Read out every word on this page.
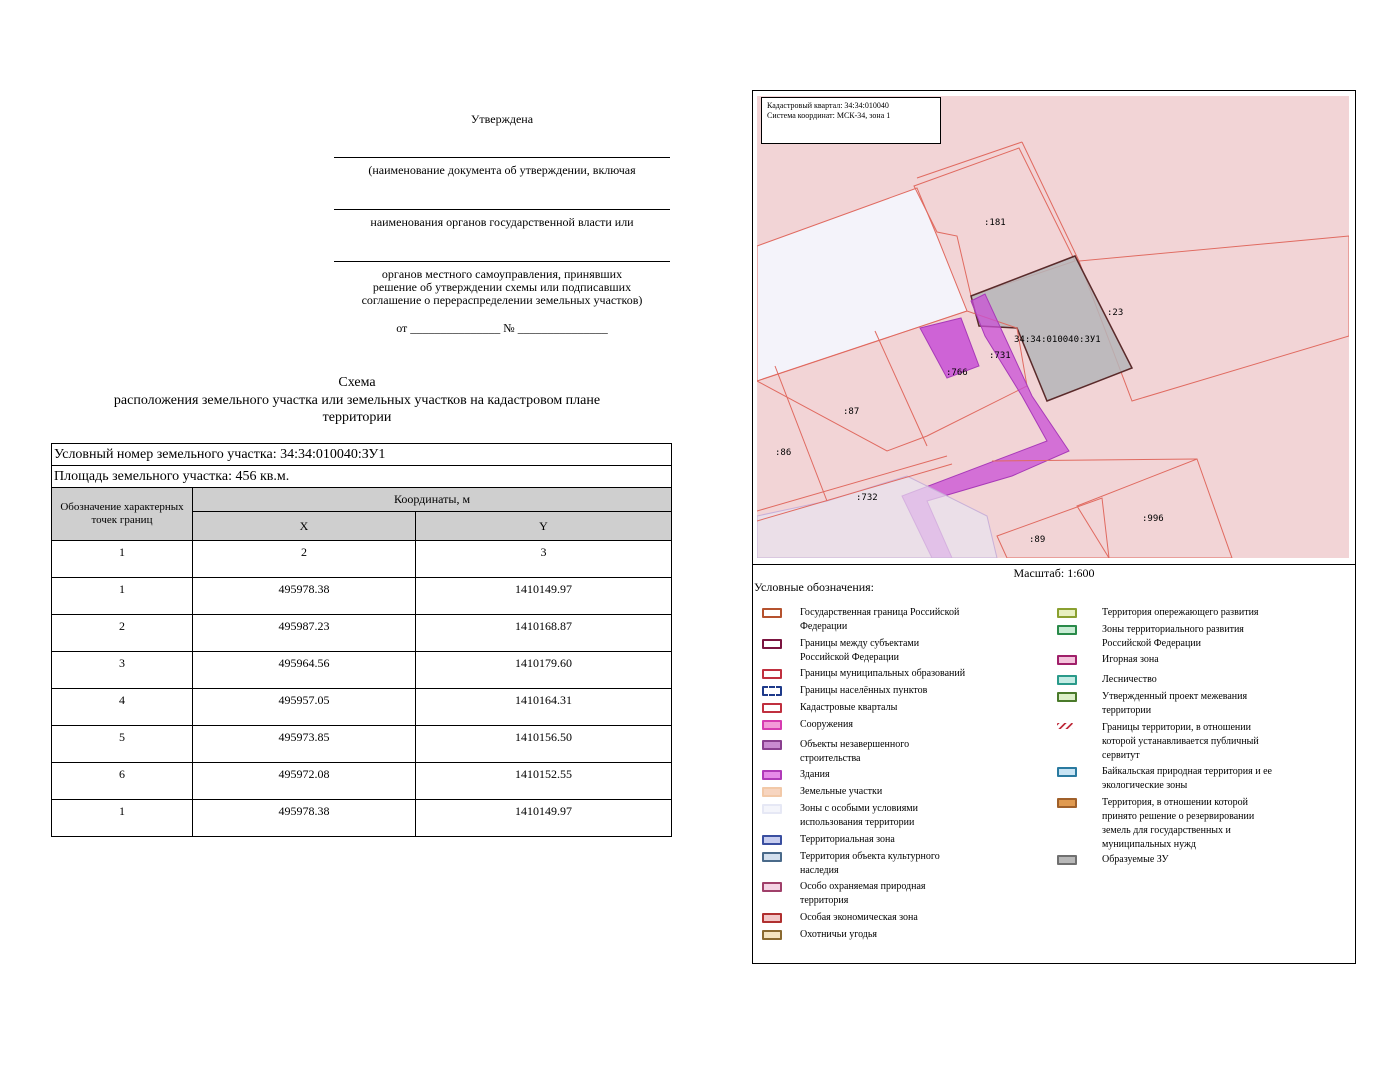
Утверждена
(наименование документа об утверждении, включая
наименования органов государственной власти или
органов местного самоуправления, принявших
решение об утверждении схемы или подписавших
соглашение о перераспределении земельных участков)
от _______________ № _______________
Схема
расположения земельного участка или земельных участков на кадастровом плане
территории
Условный номер земельного участка: 34:34:010040:ЗУ1		
Площадь земельного участка: 456 кв.м.		
Обозначение характерных точек границ	Координаты, м	
	X	Y
1	2	3
1	495978.38	1410149.97
2	495987.23	1410168.87
3	495964.56	1410179.60
4	495957.05	1410164.31
5	495973.85	1410156.50
6	495972.08	1410152.55
1	495978.38	1410149.97
:181
:23
34:34:010040:ЗУ1
:731
:766
:87
:86
:732
:996
:89
Кадастровый квартал: 34:34:010040
Система координат: МСК-34, зона 1
Масштаб: 1:600
Условные обозначения:
Государственная граница Российской Федерации
Границы между субъектами Российской Федерации
Границы муниципальных образований
Границы населённых пунктов
Кадастровые кварталы
Сооружения
Объекты незавершенного строительства
Здания
Земельные участки
Зоны с особыми условиями использования территории
Территориальная зона
Территория объекта культурного наследия
Особо охраняемая природная территория
Особая экономическая зона
Охотничьи угодья
Территория опережающего развития
Зоны территориального развития Российской Федерации
Игорная зона
Лесничество
Утвержденный проект межевания территории
Границы территории, в отношении которой устанавливается публичный сервитут
Байкальская природная территория и ее экологические зоны
Территория, в отношении которой принято решение о резервировании земель для государственных и муниципальных нужд
Образуемые ЗУ
